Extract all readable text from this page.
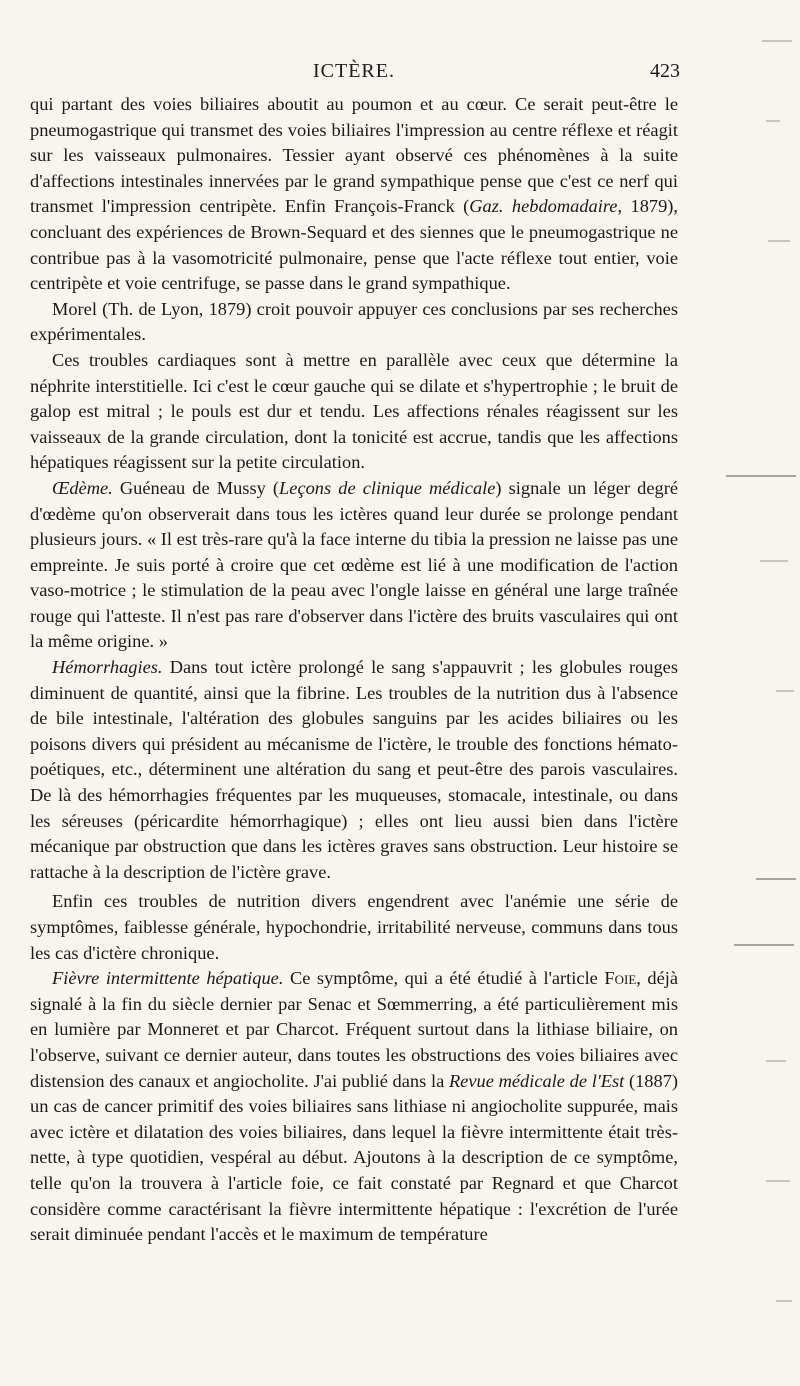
ICTÈRE.	423

qui partant des voies biliaires aboutit au poumon et au cœur. Ce serait peut-être le pneumogastrique qui transmet des voies biliaires l'impression au centre réflexe et réagit sur les vaisseaux pulmonaires. Tessier ayant observé ces phénomènes à la suite d'affections intestinales innervées par le grand sympathique pense que c'est ce nerf qui transmet l'impression centripète. Enfin François-Franck (Gaz. hebdomadaire, 1879), concluant des expériences de Brown-Sequard et des siennes que le pneumogastrique ne contribue pas à la vasomotricité pulmonaire, pense que l'acte réflexe tout entier, voie centripète et voie centrifuge, se passe dans le grand sympathique.

Morel (Th. de Lyon, 1879) croit pouvoir appuyer ces conclusions par ses recherches expérimentales.

Ces troubles cardiaques sont à mettre en parallèle avec ceux que détermine la néphrite interstitielle. Ici c'est le cœur gauche qui se dilate et s'hypertrophie ; le bruit de galop est mitral ; le pouls est dur et tendu. Les affections rénales réagissent sur les vaisseaux de la grande circulation, dont la tonicité est accrue, tandis que les affections hépatiques réagissent sur la petite circulation.

Œdème. Guéneau de Mussy (Leçons de clinique médicale) signale un léger degré d'œdème qu'on observerait dans tous les ictères quand leur durée se prolonge pendant plusieurs jours. « Il est très-rare qu'à la face interne du tibia la pression ne laisse pas une empreinte. Je suis porté à croire que cet œdème est lié à une modification de l'action vaso-motrice ; le stimulation de la peau avec l'ongle laisse en général une large traînée rouge qui l'atteste. Il n'est pas rare d'observer dans l'ictère des bruits vasculaires qui ont la même origine. »

Hémorrhagies. Dans tout ictère prolongé le sang s'appauvrit ; les globules rouges diminuent de quantité, ainsi que la fibrine. Les troubles de la nutrition dus à l'absence de bile intestinale, l'altération des globules sanguins par les acides biliaires ou les poisons divers qui président au mécanisme de l'ictère, le trouble des fonctions hémato-poétiques, etc., déterminent une altération du sang et peut-être des parois vasculaires. De là des hémorrhagies fréquentes par les muqueuses, stomacale, intestinale, ou dans les séreuses (péricardite hémorrhagique) ; elles ont lieu aussi bien dans l'ictère mécanique par obstruction que dans les ictères graves sans obstruction. Leur histoire se rattache à la description de l'ictère grave.

Enfin ces troubles de nutrition divers engendrent avec l'anémie une série de symptômes, faiblesse générale, hypochondrie, irritabilité nerveuse, communs dans tous les cas d'ictère chronique.

Fièvre intermittente hépatique. Ce symptôme, qui a été étudié à l'article Foie, déjà signalé à la fin du siècle dernier par Senac et Sœmmerring, a été particulièrement mis en lumière par Monneret et par Charcot. Fréquent surtout dans la lithiase biliaire, on l'observe, suivant ce dernier auteur, dans toutes les obstructions des voies biliaires avec distension des canaux et angiocholite. J'ai publié dans la Revue médicale de l'Est (1887) un cas de cancer primitif des voies biliaires sans lithiase ni angiocholite suppurée, mais avec ictère et dilatation des voies biliaires, dans lequel la fièvre intermittente était très-nette, à type quotidien, vespéral au début. Ajoutons à la description de ce symptôme, telle qu'on la trouvera à l'article foie, ce fait constaté par Regnard et que Charcot considère comme caractérisant la fièvre intermittente hépatique : l'excrétion de l'urée serait diminuée pendant l'accès et le maximum de température
